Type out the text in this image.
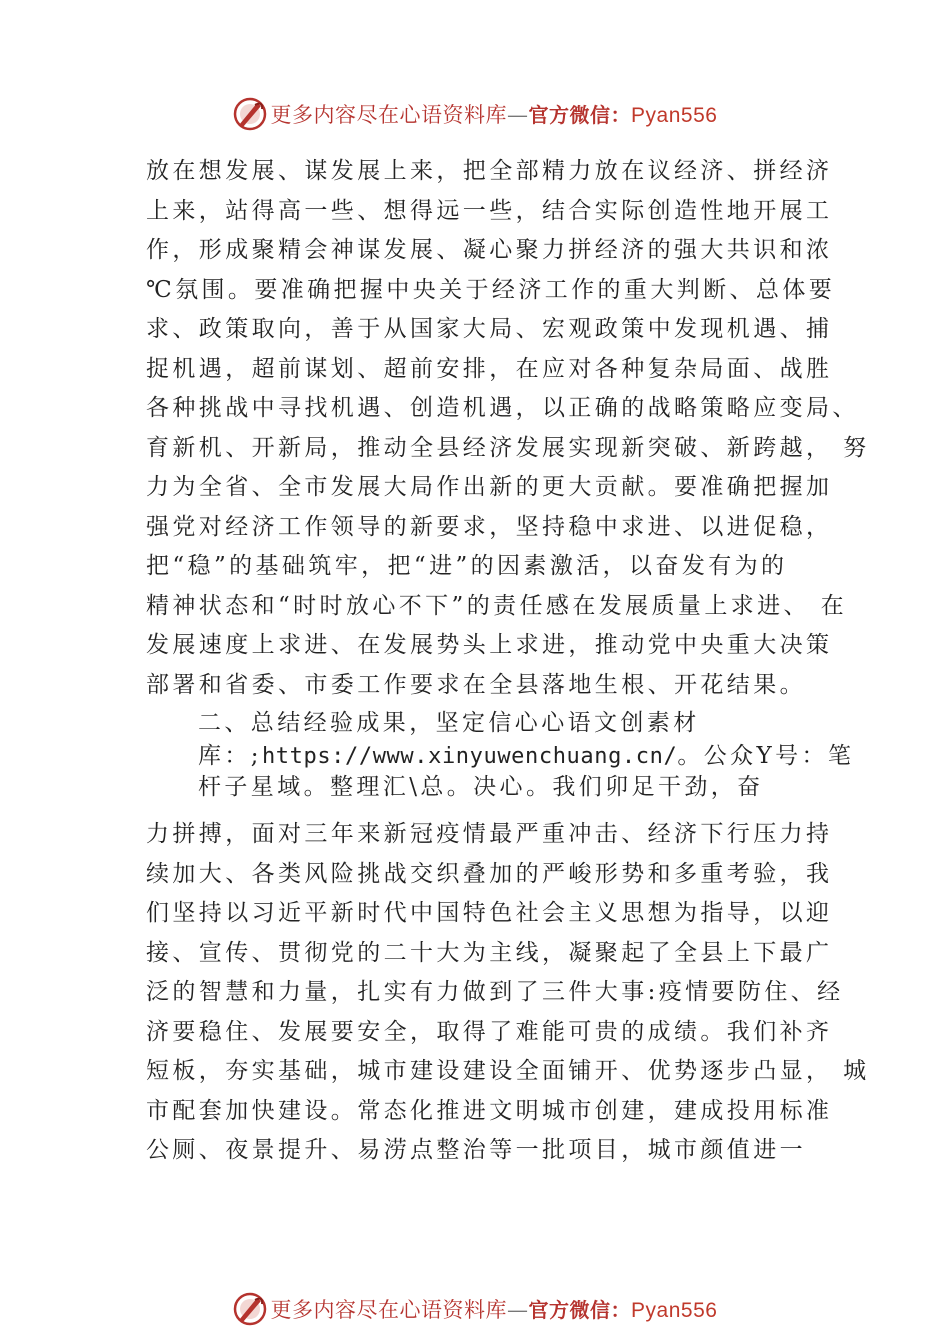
更多内容尽在心语资料库—官方微信：Pyan556
放在想发展、谋发展上来，把全部精力放在议经济、拼经济
上来，站得高一些、想得远一些，结合实际创造性地开展工
作，形成聚精会神谋发展、凝心聚力拼经济的强大共识和浓
℃氛围。要准确把握中央关于经济工作的重大判断、总体要
求、政策取向，善于从国家大局、宏观政策中发现机遇、捕
捉机遇，超前谋划、超前安排，在应对各种复杂局面、战胜
各种挑战中寻找机遇、创造机遇，以正确的战略策略应变局、
育新机、开新局，推动全县经济发展实现新突破、新跨越， 努
力为全省、全市发展大局作出新的更大贡献。要准确把握加
强党对经济工作领导的新要求，坚持稳中求进、以进促稳，
把“稳”的基础筑牢，把“进”的因素激活，以奋发有为的
精神状态和“时时放心不下”的责任感在发展质量上求进、 在
发展速度上求进、在发展势头上求进，推动党中央重大决策
部署和省委、市委工作要求在全县落地生根、开花结果。
二、总结经验成果，坚定信心心语文创素材
库：;https://www.xinyuwenchuang.cn/。公众Y号：笔
杆子星域。整理汇\总。决心。我们卯足干劲，奋
力拼搏，面对三年来新冠疫情最严重冲击、经济下行压力持
续加大、各类风险挑战交织叠加的严峻形势和多重考验，我
们坚持以习近平新时代中国特色社会主义思想为指导，以迎
接、宣传、贯彻党的二十大为主线，凝聚起了全县上下最广
泛的智慧和力量，扎实有力做到了三件大事:疫情要防住、经
济要稳住、发展要安全，取得了难能可贵的成绩。我们补齐
短板，夯实基础，城市建设建设全面铺开、优势逐步凸显， 城
市配套加快建设。常态化推进文明城市创建，建成投用标准
公厕、夜景提升、易涝点整治等一批项目，城市颜值进一
更多内容尽在心语资料库—官方微信：Pyan556
